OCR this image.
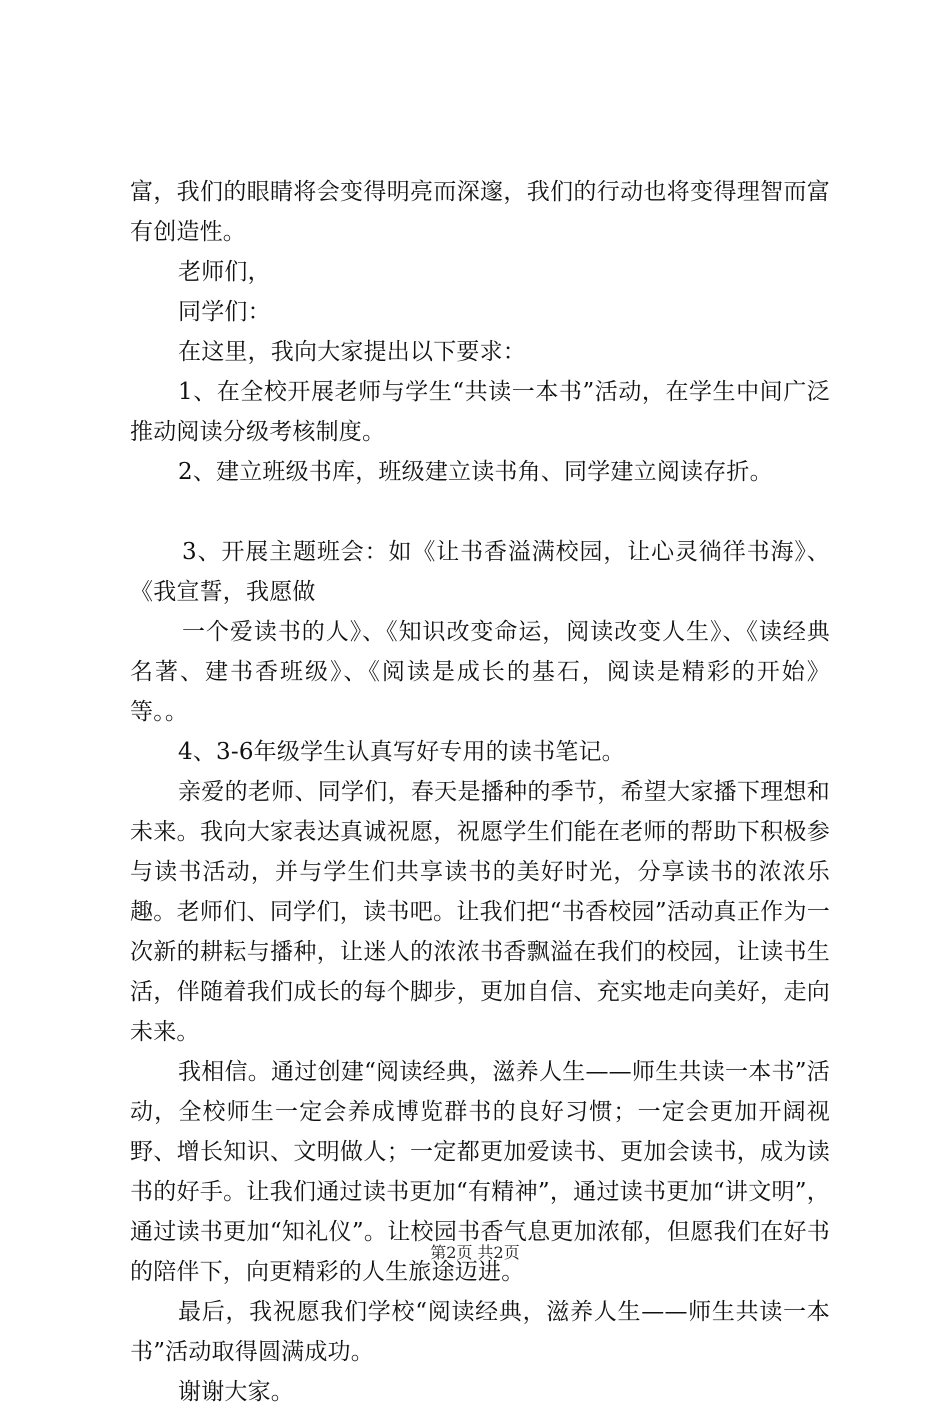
富，我们的眼睛将会变得明亮而深邃，我们的行动也将变得理智而富有创造性。

老师们，

同学们：

在这里，我向大家提出以下要求：

1、在全校开展老师与学生“共读一本书”活动，在学生中间广泛推动阅读分级考核制度。

2、建立班级书库，班级建立读书角、同学建立阅读存折。

3、开展主题班会：如《让书香溢满校园，让心灵徜徉书海》、《我宣誓，我愿做

一个爱读书的人》、《知识改变命运，阅读改变人生》、《读经典名著、建书香班级》、《阅读是成长的基石，阅读是精彩的开始》等。。

4、3-6年级学生认真写好专用的读书笔记。

亲爱的老师、同学们，春天是播种的季节，希望大家播下理想和未来。我向大家表达真诚祝愿，祝愿学生们能在老师的帮助下积极参与读书活动，并与学生们共享读书的美好时光，分享读书的浓浓乐趣。老师们、同学们，读书吧。让我们把“书香校园”活动真正作为一次新的耕耘与播种，让迷人的浓浓书香飘溢在我们的校园，让读书生活，伴随着我们成长的每个脚步，更加自信、充实地走向美好，走向未来。

我相信。通过创建“阅读经典，滋养人生——师生共读一本书”活动，全校师生一定会养成博览群书的良好习惯；一定会更加开阔视野、增长知识、文明做人；一定都更加爱读书、更加会读书，成为读书的好手。让我们通过读书更加“有精神”，通过读书更加“讲文明”，通过读书更加“知礼仪”。让校园书香气息更加浓郁，但愿我们在好书的陪伴下，向更精彩的人生旅途迈进。

最后，我祝愿我们学校“阅读经典，滋养人生——师生共读一本书”活动取得圆满成功。

谢谢大家。

第2页 共2页
